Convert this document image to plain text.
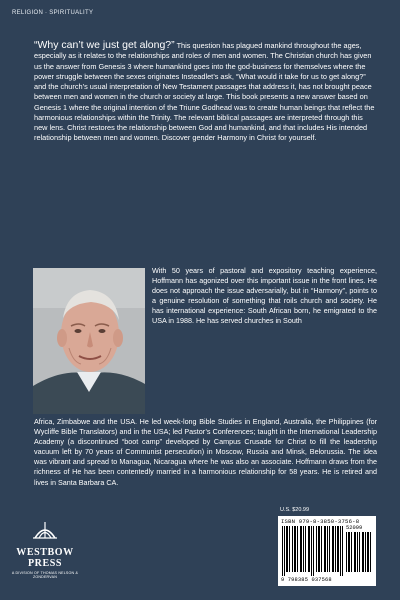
RELIGION · SPIRITUALITY
“Why can’t we just get along?” This question has plagued mankind throughout the ages, especially as it relates to the relationships and roles of men and women. The Christian church has given us the answer from Genesis 3 where humankind goes into the god-business for themselves where the power struggle between the sexes originates Insteadlet’s ask, “What would it take for us to get along?” and the church’s usual interpretation of New Testament passages that address it, has not brought peace between men and women in the church or society at large. This book presents a new answer based on Genesis 1 where the original intention of the Triune Godhead was to create human beings that reflect the harmonious relationships within the Trinity. The relevant biblical passages are interpreted through this new lens. Christ restores the relationship between God and humankind, and that includes His intended relationship between men and women. Discover gender Harmony in Christ for yourself.
With 50 years of pastoral and expository teaching experience, Hoffmann has agonized over this important issue in the front lines. He does not approach the issue adversarially, but in “Harmony”, points to a genuine resolution of something that roils church and society. He has international experience: South African born, he emigrated to the USA in 1988. He has served churches in South
Africa, Zimbabwe and the USA. He led week-long Bible Studies in England, Australia, the Philippines (for Wycliffe Bible Translators) and in the USA; led Pastor’s Conferences; taught in the International Leadership Academy (a discontinued “boot camp” developed by Campus Crusade for Christ to fill the leadership vacuum left by 70 years of Communist persecution) in Moscow, Russia and Minsk, Belorussia. The idea was vibrant and spread to Managua, Nicaragua where he was also an associate. Hoffmann draws from the richness of He has been contentedly married in a harmonious relationship for 58 years. He is retired and lives in Santa Barbara CA.
WESTBOW
PRESS
A DIVISION OF THOMAS NELSON & ZONDERVAN
U.S. $20.99
ISBN 979-8-3850-3756-8
52099
9 798385 037568
